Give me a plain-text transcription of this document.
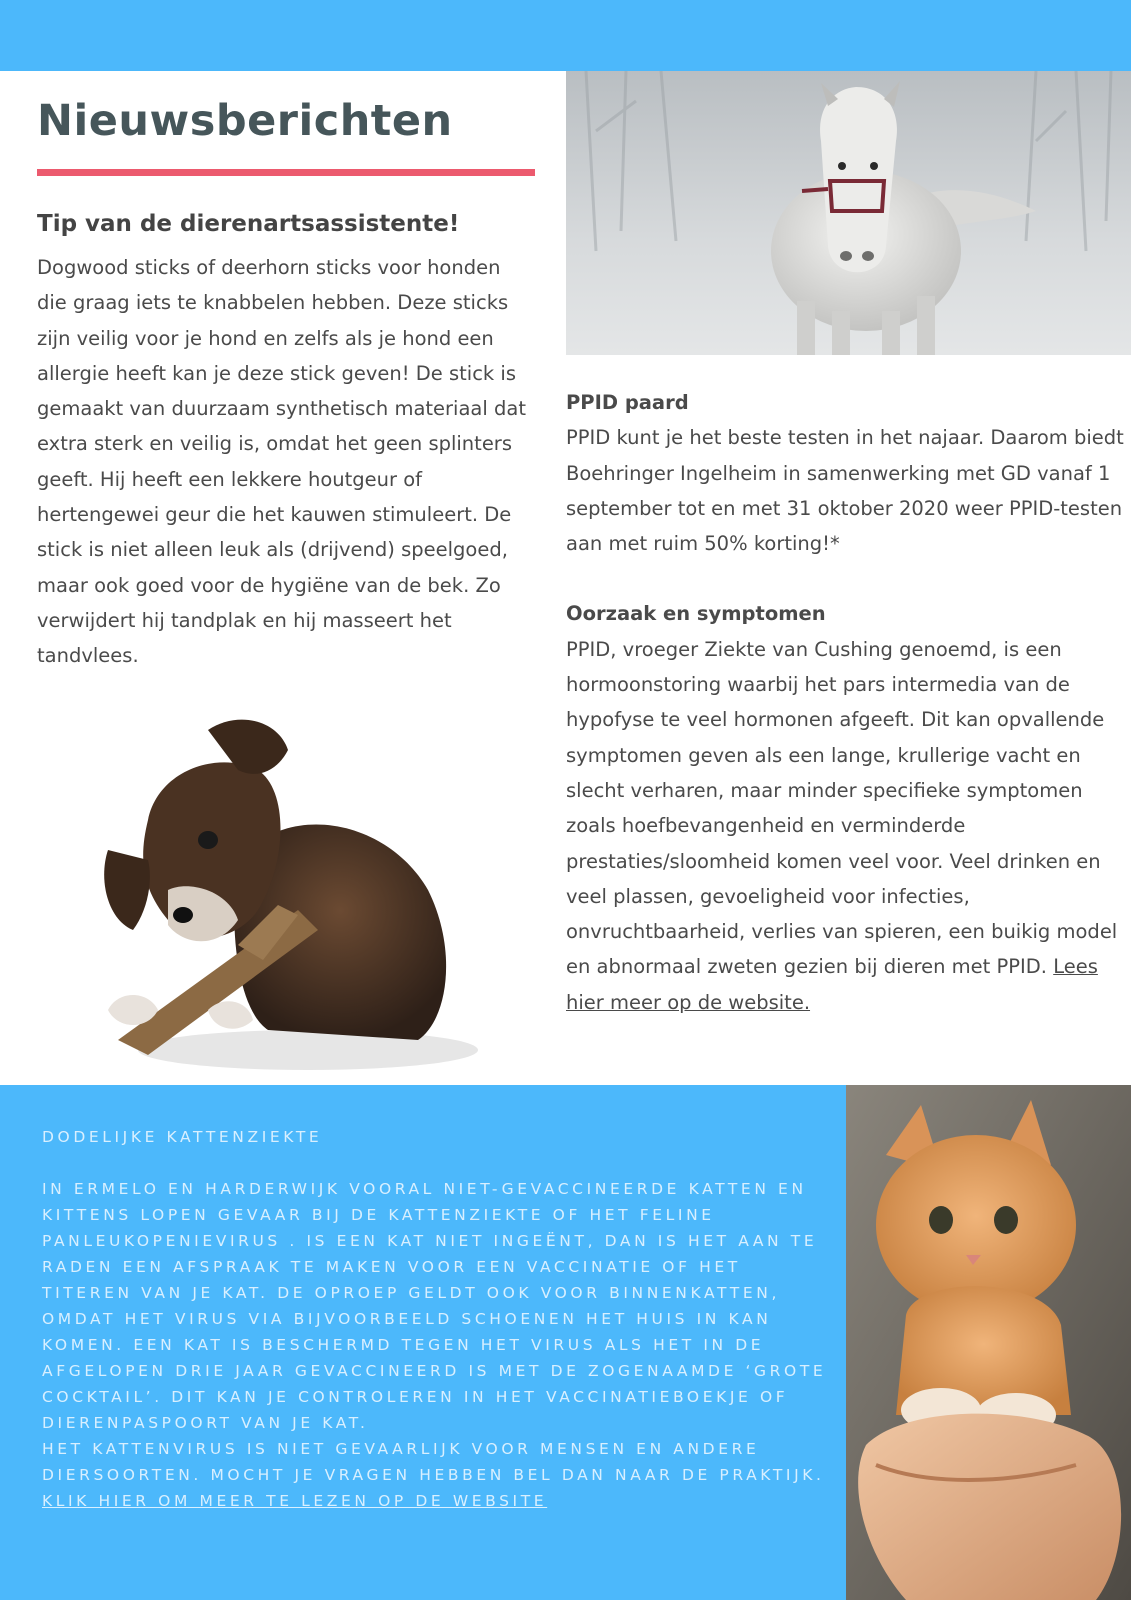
Nieuwsberichten
Tip van de dierenartsassistente!

Dogwood sticks of deerhorn sticks voor honden die graag iets te knabbelen hebben. Deze sticks zijn veilig voor je hond en zelfs als je hond een allergie heeft kan je deze stick geven! De stick is gemaakt van duurzaam synthetisch materiaal dat extra sterk en veilig is, omdat het geen splinters geeft. Hij heeft een lekkere houtgeur of hertengewei geur die het kauwen stimuleert. De stick is niet alleen leuk als (drijvend) speelgoed, maar ook goed voor de hygiëne van de bek. Zo verwijdert hij tandplak en hij masseert het tandvlees.

PPID paard

PPID kunt je het beste testen in het najaar. Daarom biedt Boehringer Ingelheim in samenwerking met GD vanaf 1 september tot en met 31 oktober 2020 weer PPID-testen aan met ruim 50% korting!*

Oorzaak en symptomen

PPID, vroeger Ziekte van Cushing genoemd, is een hormoonstoring waarbij het pars intermedia van de hypofyse te veel hormonen afgeeft. Dit kan opvallende symptomen geven als een lange, krullerige vacht en slecht verharen, maar minder specifieke symptomen zoals hoefbevangenheid en verminderde prestaties/sloomheid komen veel voor. Veel drinken en veel plassen, gevoeligheid voor infecties, onvruchtbaarheid, verlies van spieren, een buikig model en abnormaal zweten gezien bij dieren met PPID. Lees hier meer op de website.

DODELIJKE KATTENZIEKTE

IN ERMELO EN HARDERWIJK VOORAL NIET-GEVACCINEERDE KATTEN EN KITTENS LOPEN GEVAAR BIJ DE KATTENZIEKTE OF HET FELINE PANLEUKOPENIEVIRUS . IS EEN KAT NIET INGEËNT, DAN IS HET AAN TE RADEN EEN AFSPRAAK TE MAKEN VOOR EEN VACCINATIE OF HET TITEREN VAN JE KAT. DE OPROEP GELDT OOK VOOR BINNENKATTEN, OMDAT HET VIRUS VIA BIJVOORBEELD SCHOENEN HET HUIS IN KAN KOMEN. EEN KAT IS BESCHERMD TEGEN HET VIRUS ALS HET IN DE AFGELOPEN DRIE JAAR GEVACCINEERD IS MET DE ZOGENAAMDE ‘GROTE COCKTAIL’. DIT KAN JE CONTROLEREN IN HET VACCINATIEBOEKJE OF DIERENPASPOORT VAN JE KAT.

HET KATTENVIRUS IS NIET GEVAARLIJK VOOR MENSEN EN ANDERE DIERSOORTEN. MOCHT JE VRAGEN HEBBEN BEL DAN NAAR DE PRAKTIJK.

KLIK HIER OM MEER TE LEZEN OP DE WEBSITE
